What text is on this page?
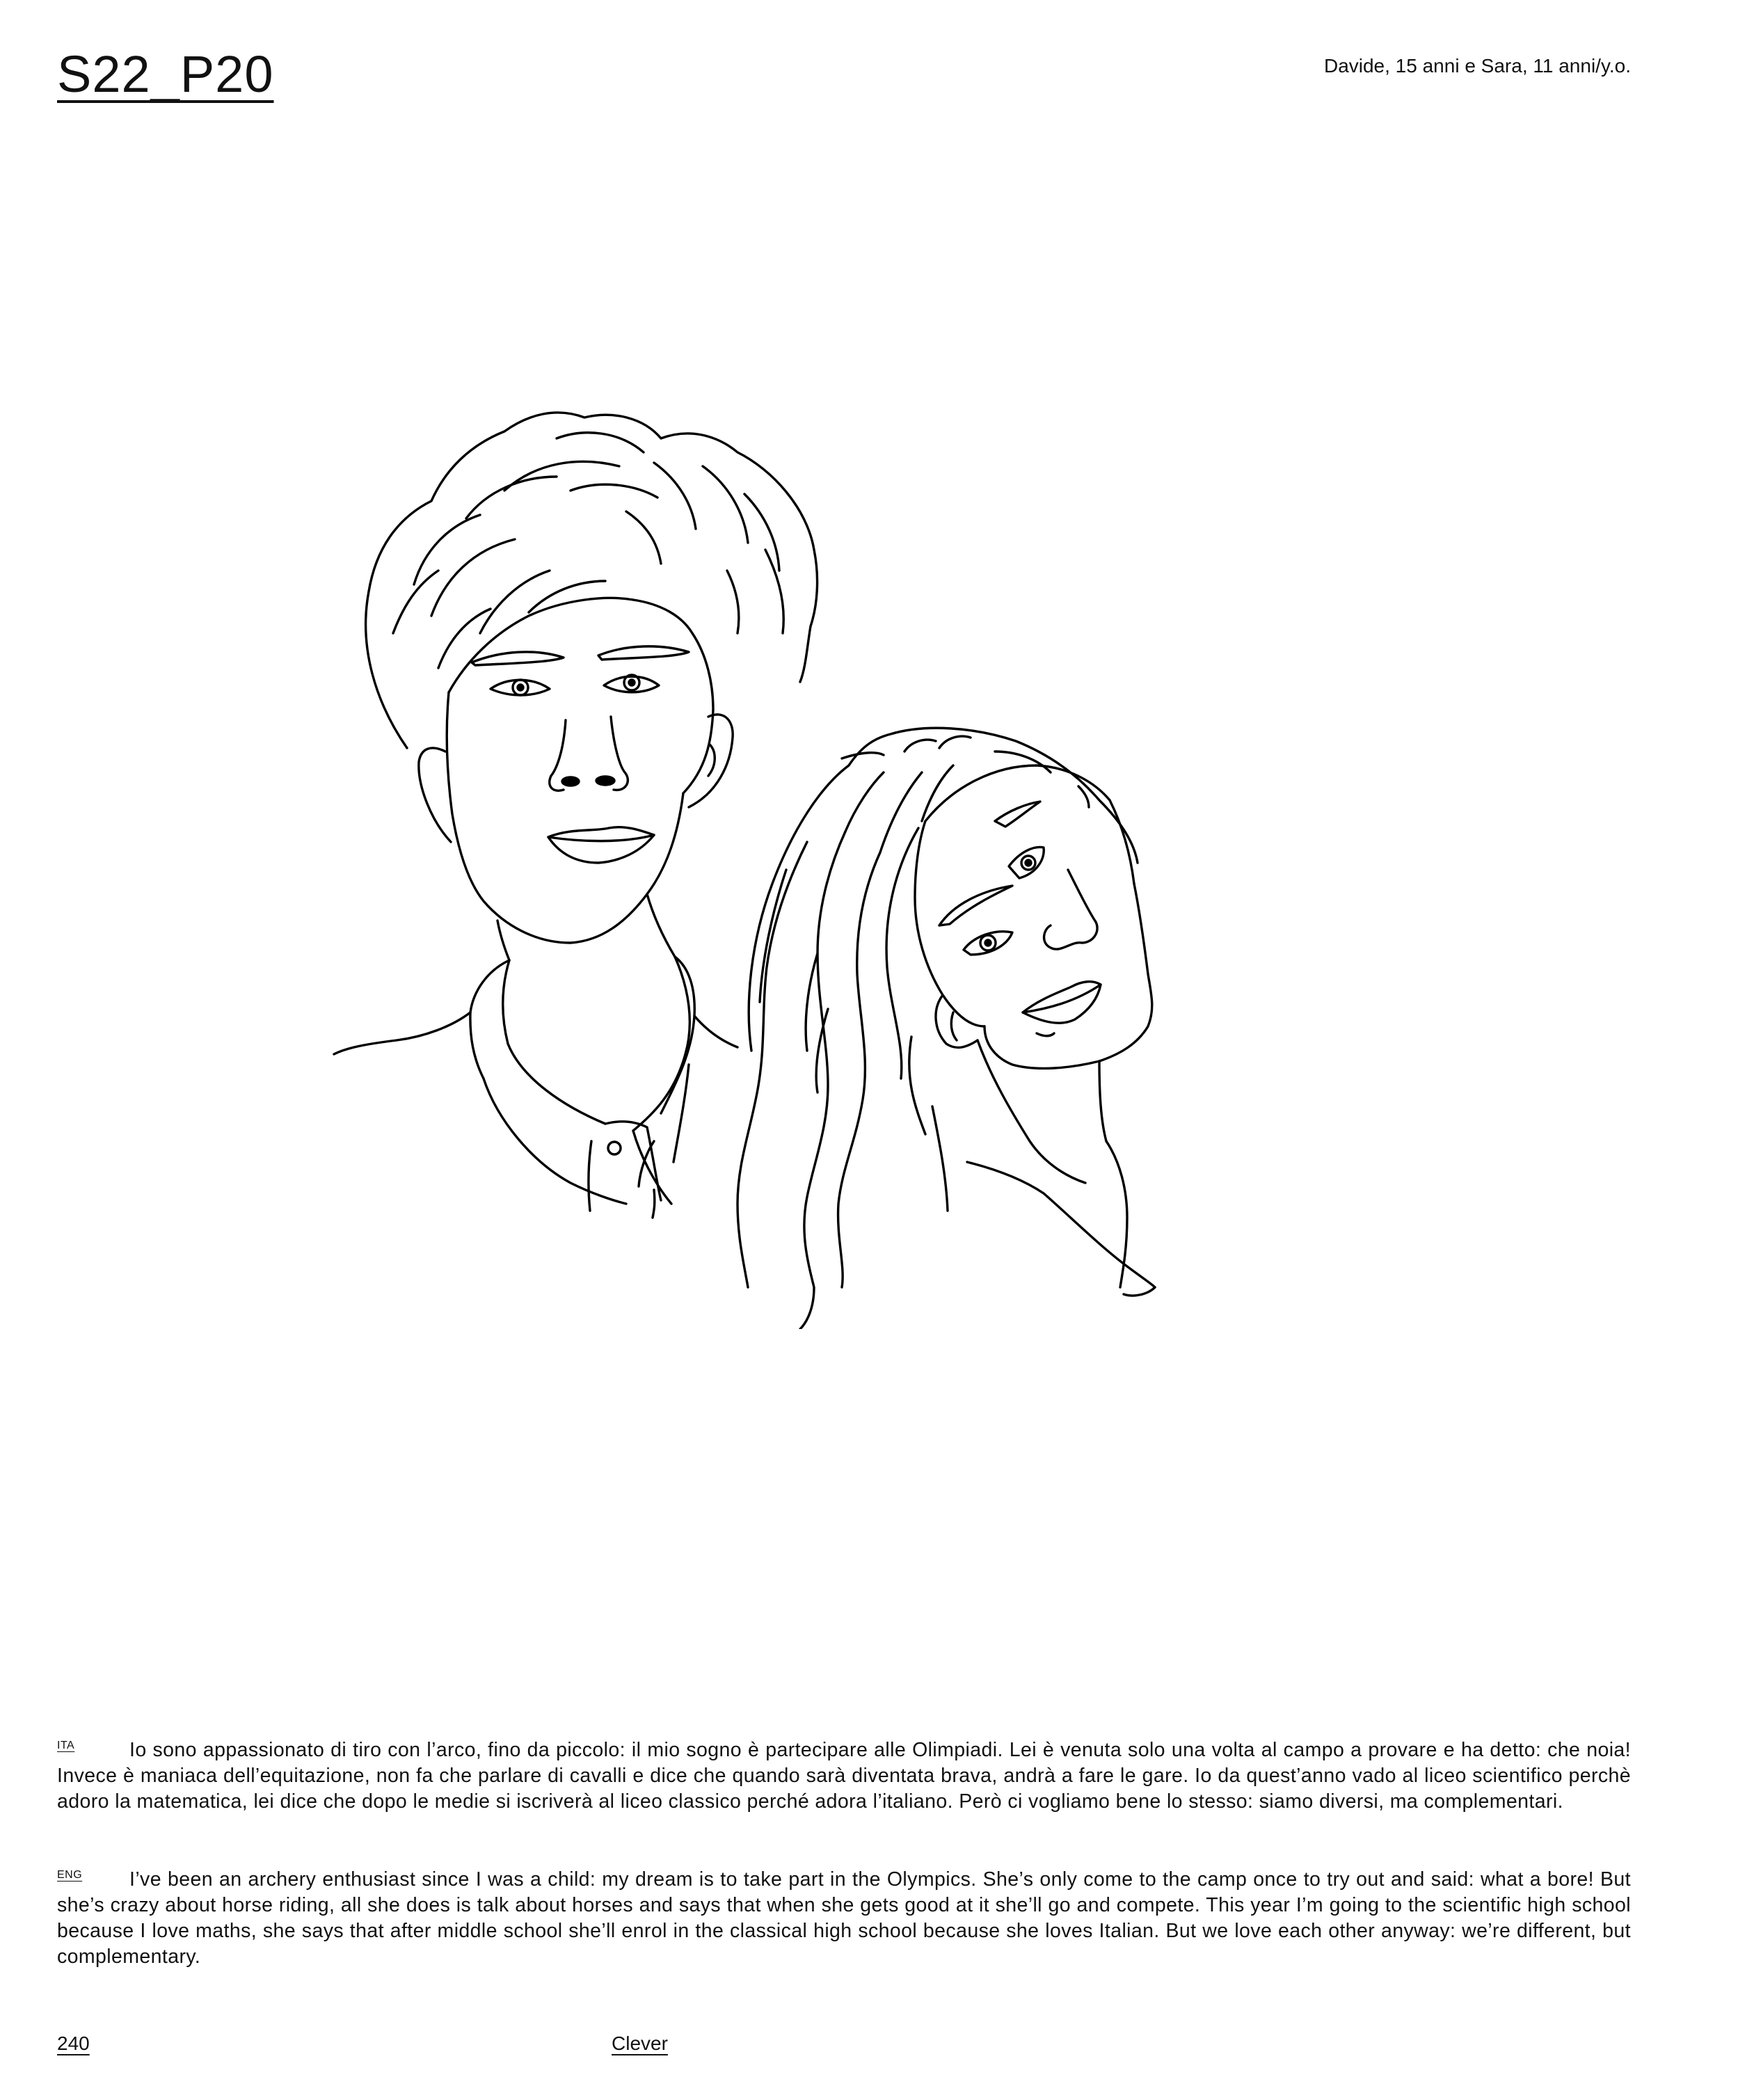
S22_P20	Davide, 15 anni e Sara, 11 anni/y.o.
ITA	Io sono appassionato di tiro con l’arco, fino da piccolo: il mio sogno è partecipare alle Olimpiadi. Lei è venuta solo una volta al campo a provare e ha detto: che noia! Invece è maniaca dell’equitazione, non fa che parlare di cavalli e dice che quando sarà diventata brava, andrà a fare le gare. Io da quest’anno vado al liceo scientifico perchè adoro la matematica, lei dice che dopo le medie si iscriverà al liceo classico perché adora l’italiano. Però ci vogliamo bene lo stesso: siamo diversi, ma complementari.

ENG	I’ve been an archery enthusiast since I was a child: my dream is to take part in the Olympics. She’s only come to the camp once to try out and said: what a bore! But she’s crazy about horse riding, all she does is talk about horses and says that when she gets good at it she’ll go and compete. This year I’m going to the scientific high school because I love maths, she says that after middle school she’ll enrol in the classical high school because she loves Italian. But we love each other anyway: we’re different, but complementary.

240	Clever
